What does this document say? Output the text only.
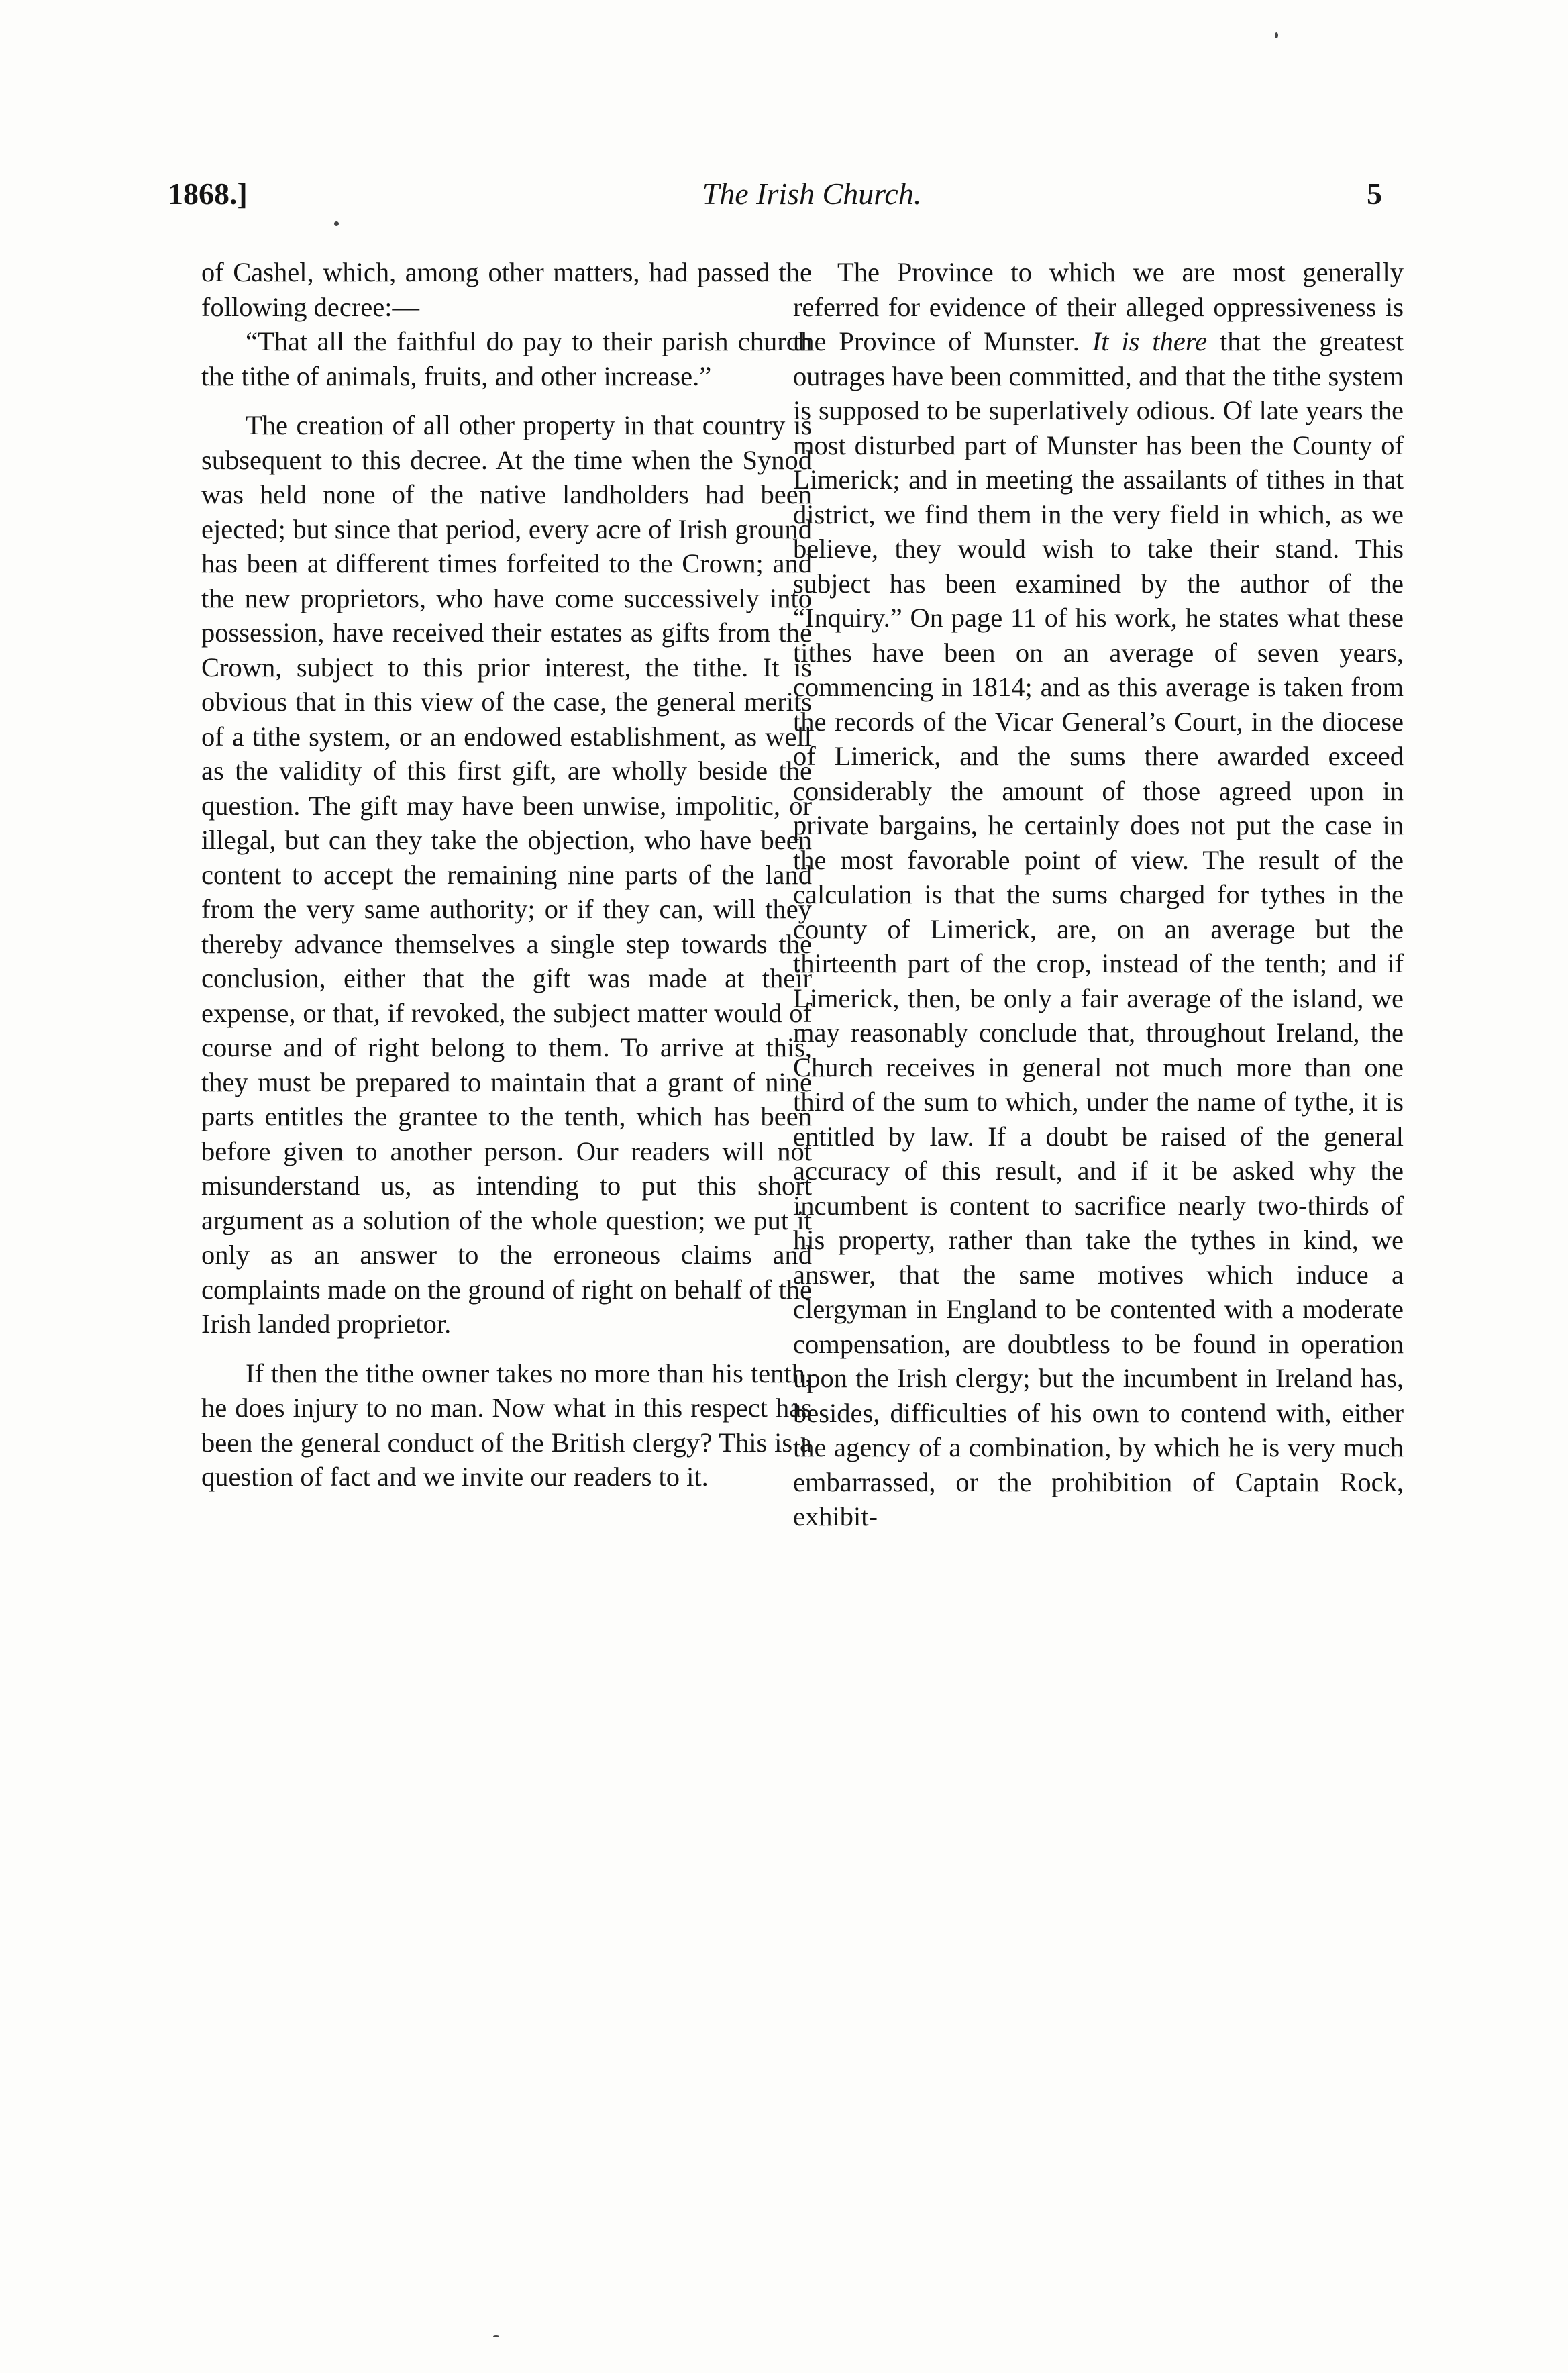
1868.]	The Irish Church.	5

of Cashel, which, among other matters, had passed the following decree:—

“That all the faithful do pay to their parish church the tithe of animals, fruits, and other increase.”

The creation of all other property in that country is subsequent to this decree. At the time when the Synod was held none of the native landholders had been ejected; but since that period, every acre of Irish ground has been at different times forfeited to the Crown; and the new proprietors, who have come successively into possession, have received their estates as gifts from the Crown, subject to this prior interest, the tithe. It is obvious that in this view of the case, the general merits of a tithe system, or an endowed establishment, as well as the validity of this first gift, are wholly beside the question. The gift may have been unwise, impolitic, or illegal, but can they take the objection, who have been content to accept the remaining nine parts of the land from the very same authority; or if they can, will they thereby advance themselves a single step towards the conclusion, either that the gift was made at their expense, or that, if revoked, the subject matter would of course and of right belong to them. To arrive at this, they must be prepared to maintain that a grant of nine parts entitles the grantee to the tenth, which has been before given to another person. Our readers will not misunderstand us, as intending to put this short argument as a solution of the whole question; we put it only as an answer to the erroneous claims and complaints made on the ground of right on behalf of the Irish landed proprietor.

If then the tithe owner takes no more than his tenth, he does injury to no man. Now what in this respect has been the general conduct of the British clergy? This is a question of fact and we invite our readers to it.

The Province to which we are most generally referred for evidence of their alleged oppressiveness is the Province of Munster. It is there that the greatest outrages have been committed, and that the tithe system is supposed to be superlatively odious. Of late years the most disturbed part of Munster has been the County of Limerick; and in meeting the assailants of tithes in that district, we find them in the very field in which, as we believe, they would wish to take their stand. This subject has been examined by the author of the “Inquiry.” On page 11 of his work, he states what these tithes have been on an average of seven years, commencing in 1814; and as this average is taken from the records of the Vicar General’s Court, in the diocese of Limerick, and the sums there awarded exceed considerably the amount of those agreed upon in private bargains, he certainly does not put the case in the most favorable point of view. The result of the calculation is that the sums charged for tythes in the county of Limerick, are, on an average but the thirteenth part of the crop, instead of the tenth; and if Limerick, then, be only a fair average of the island, we may reasonably conclude that, throughout Ireland, the Church receives in general not much more than one third of the sum to which, under the name of tythe, it is entitled by law. If a doubt be raised of the general accuracy of this result, and if it be asked why the incumbent is content to sacrifice nearly two-thirds of his property, rather than take the tythes in kind, we answer, that the same motives which induce a clergyman in England to be contented with a moderate compensation, are doubtless to be found in operation upon the Irish clergy; but the incumbent in Ireland has, besides, difficulties of his own to contend with, either the agency of a combination, by which he is very much embarrassed, or the prohibition of Captain Rock, exhibit-
